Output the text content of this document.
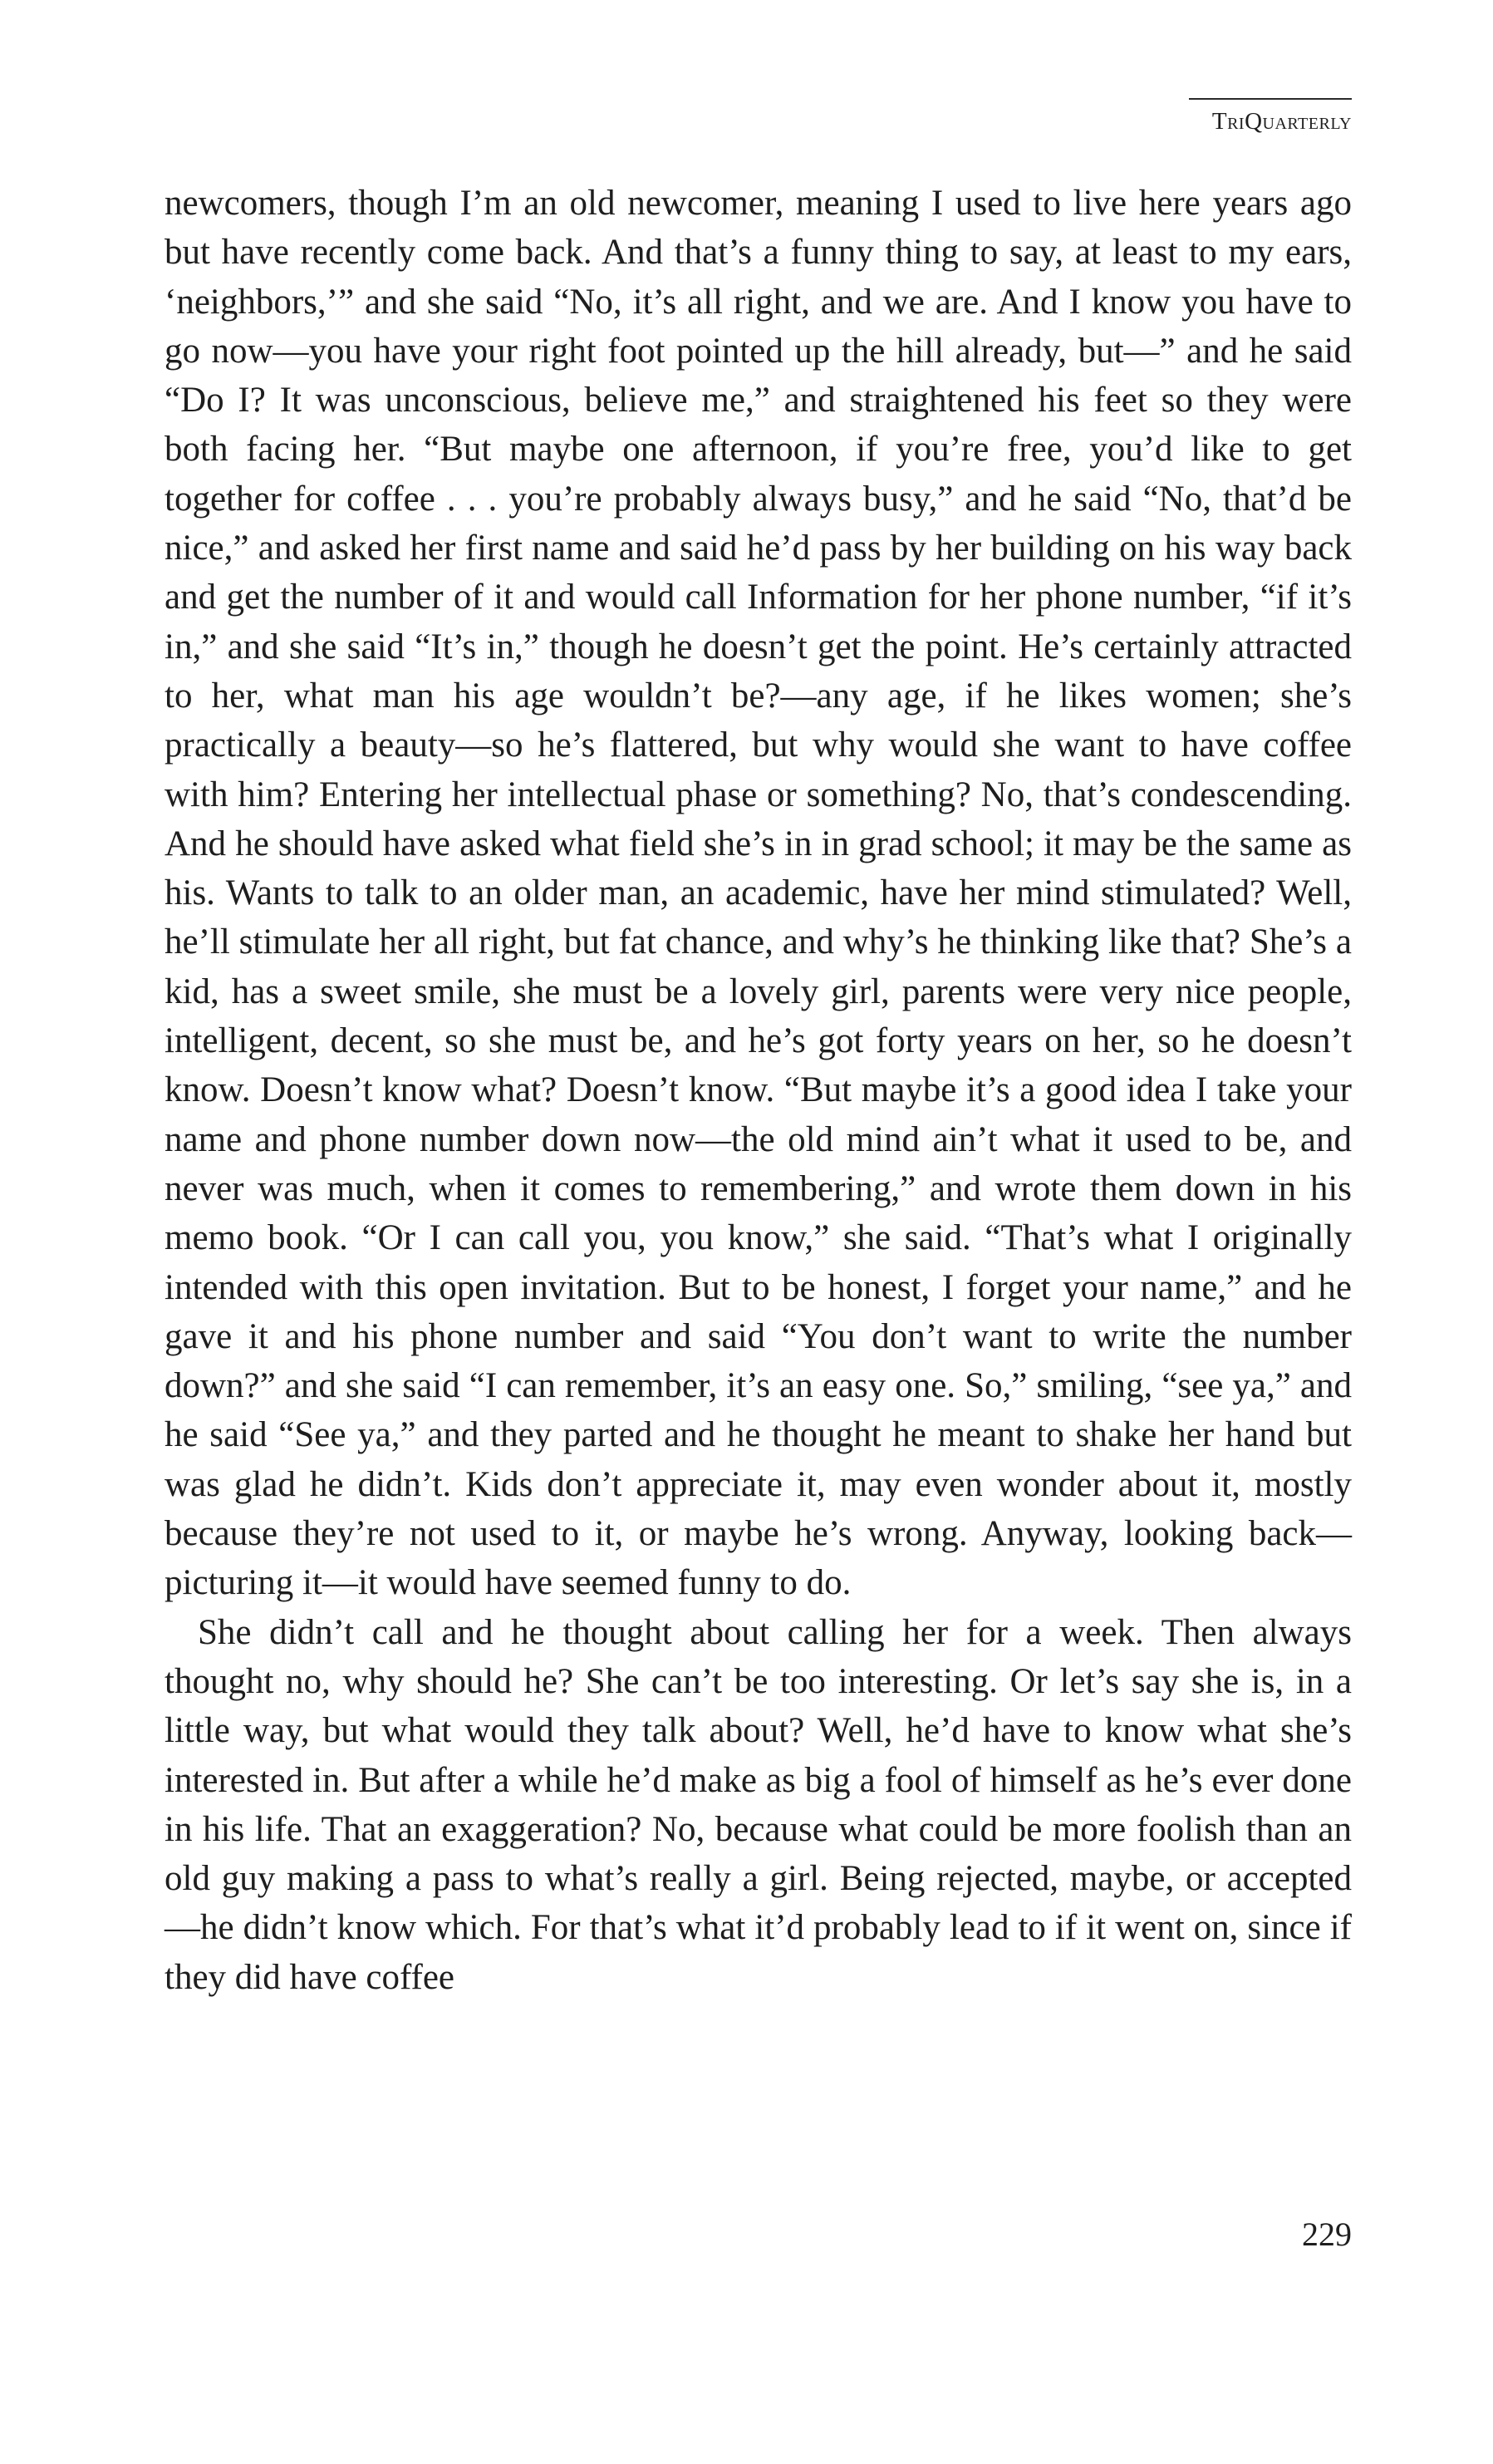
TriQuarterly

newcomers, though I’m an old newcomer, meaning I used to live here years ago but have recently come back. And that’s a funny thing to say, at least to my ears, ‘neighbors,’” and she said “No, it’s all right, and we are. And I know you have to go now—you have your right foot pointed up the hill already, but—” and he said “Do I? It was unconscious, believe me,” and straightened his feet so they were both facing her. “But maybe one afternoon, if you’re free, you’d like to get together for coffee . . . you’re probably always busy,” and he said “No, that’d be nice,” and asked her first name and said he’d pass by her building on his way back and get the number of it and would call Information for her phone number, “if it’s in,” and she said “It’s in,” though he doesn’t get the point. He’s certainly attracted to her, what man his age wouldn’t be?—any age, if he likes women; she’s practically a beauty—so he’s flattered, but why would she want to have coffee with him? Entering her intellectual phase or something? No, that’s condescending. And he should have asked what field she’s in in grad school; it may be the same as his. Wants to talk to an older man, an academic, have her mind stimulated? Well, he’ll stimulate her all right, but fat chance, and why’s he thinking like that? She’s a kid, has a sweet smile, she must be a lovely girl, parents were very nice people, intelligent, decent, so she must be, and he’s got forty years on her, so he doesn’t know. Doesn’t know what? Doesn’t know. “But maybe it’s a good idea I take your name and phone number down now—the old mind ain’t what it used to be, and never was much, when it comes to remembering,” and wrote them down in his memo book. “Or I can call you, you know,” she said. “That’s what I originally intended with this open invitation. But to be honest, I forget your name,” and he gave it and his phone number and said “You don’t want to write the number down?” and she said “I can remember, it’s an easy one. So,” smiling, “see ya,” and he said “See ya,” and they parted and he thought he meant to shake her hand but was glad he didn’t. Kids don’t appreciate it, may even wonder about it, mostly because they’re not used to it, or maybe he’s wrong. Anyway, looking back—picturing it—it would have seemed funny to do.

She didn’t call and he thought about calling her for a week. Then always thought no, why should he? She can’t be too interesting. Or let’s say she is, in a little way, but what would they talk about? Well, he’d have to know what she’s interested in. But after a while he’d make as big a fool of himself as he’s ever done in his life. That an exaggeration? No, because what could be more foolish than an old guy making a pass to what’s really a girl. Being rejected, maybe, or accepted—he didn’t know which. For that’s what it’d probably lead to if it went on, since if they did have coffee

229
